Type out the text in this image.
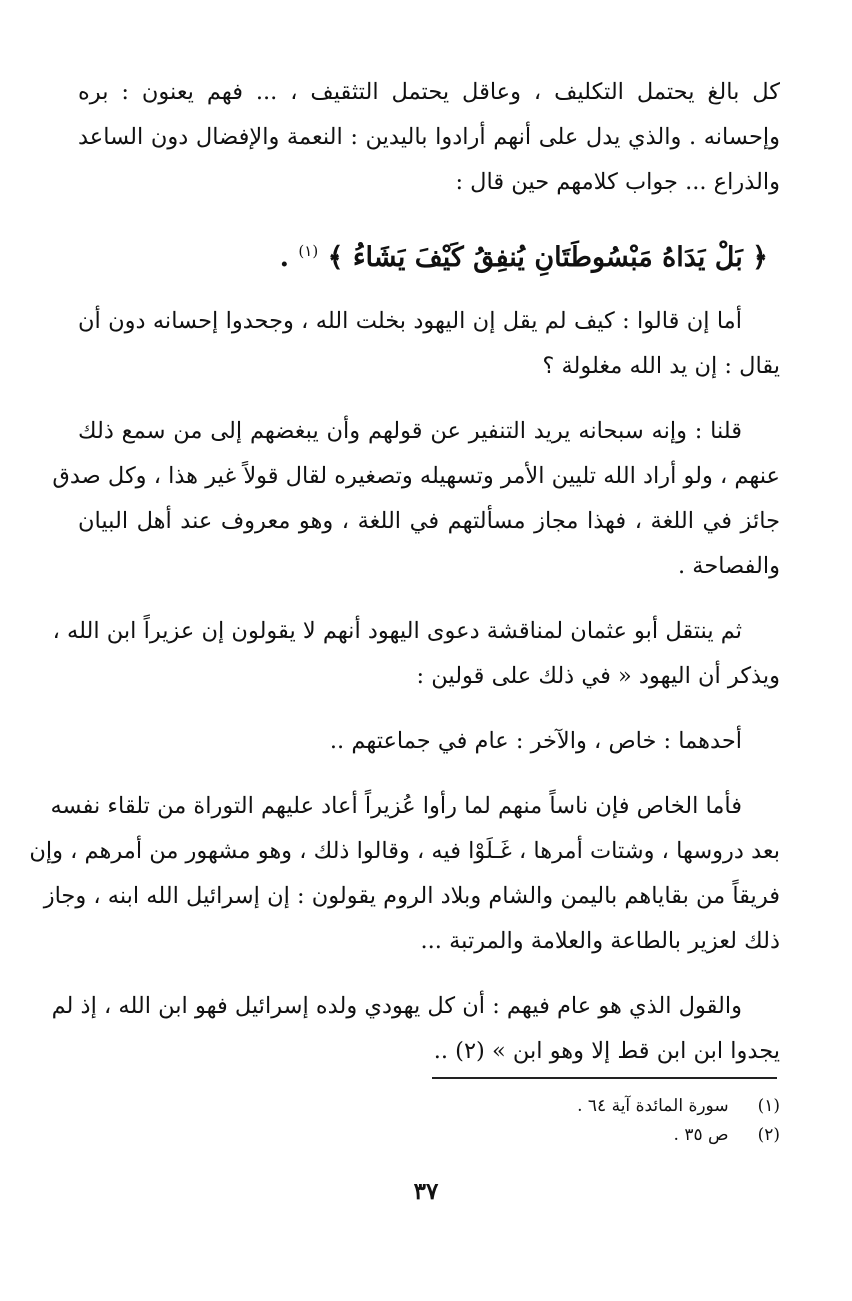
كل بالغ يحتمل التكليف ، وعاقل يحتمل التثقيف ، ... فهم يعنون : بره
وإحسانه . والذي يدل على أنهم أرادوا باليدين : النعمة والإفضال دون الساعد
والذراع ... جواب كلامهم حين قال :
﴿ بَلْ يَدَاهُ مَبْسُوطَتَانِ يُنفِقُ كَيْفَ يَشَاءُ ﴾ $^{(١)}$ .
أما إن قالوا : كيف لم يقل إن اليهود بخلت الله ، وجحدوا إحسانه دون أن
يقال : إن يد الله مغلولة ؟
قلنا : وإنه سبحانه يريد التنفير عن قولهم وأن يبغضهم إلى من سمع ذلك
عنهم ، ولو أراد الله تليين الأمر وتسهيله وتصغيره لقال قولاً غير هذا ، وكل صدق
جائز في اللغة ، فهذا مجاز مسألتهم في اللغة ، وهو معروف عند أهل البيان
والفصاحة .
ثم ينتقل أبو عثمان لمناقشة دعوى اليهود أنهم لا يقولون إن عزيراً ابن الله ،
ويذكر أن اليهود « في ذلك على قولين :
أحدهما : خاص ، والآخر : عام في جماعتهم ..
فأما الخاص فإن ناساً منهم لما رأوا عُزيراً أعاد عليهم التوراة من تلقاء نفسه
بعد دروسها ، وشتات أمرها ، غَـلَوْا فيه ، وقالوا ذلك ، وهو مشهور من أمرهم ، وإن
فريقاً من بقاياهم باليمن والشام وبلاد الروم يقولون : إن إسرائيل الله ابنه ، وجاز
ذلك لعزير بالطاعة والعلامة والمرتبة ...
والقول الذي هو عام فيهم : أن كل يهودي ولده إسرائيل فهو ابن الله ، إذ لم
يجدوا ابن ابن قط إلا وهو ابن » (٢) ..
(١) سورة المائدة آية ٦٤ .
(٢) ص ٣٥ .
٣٧
